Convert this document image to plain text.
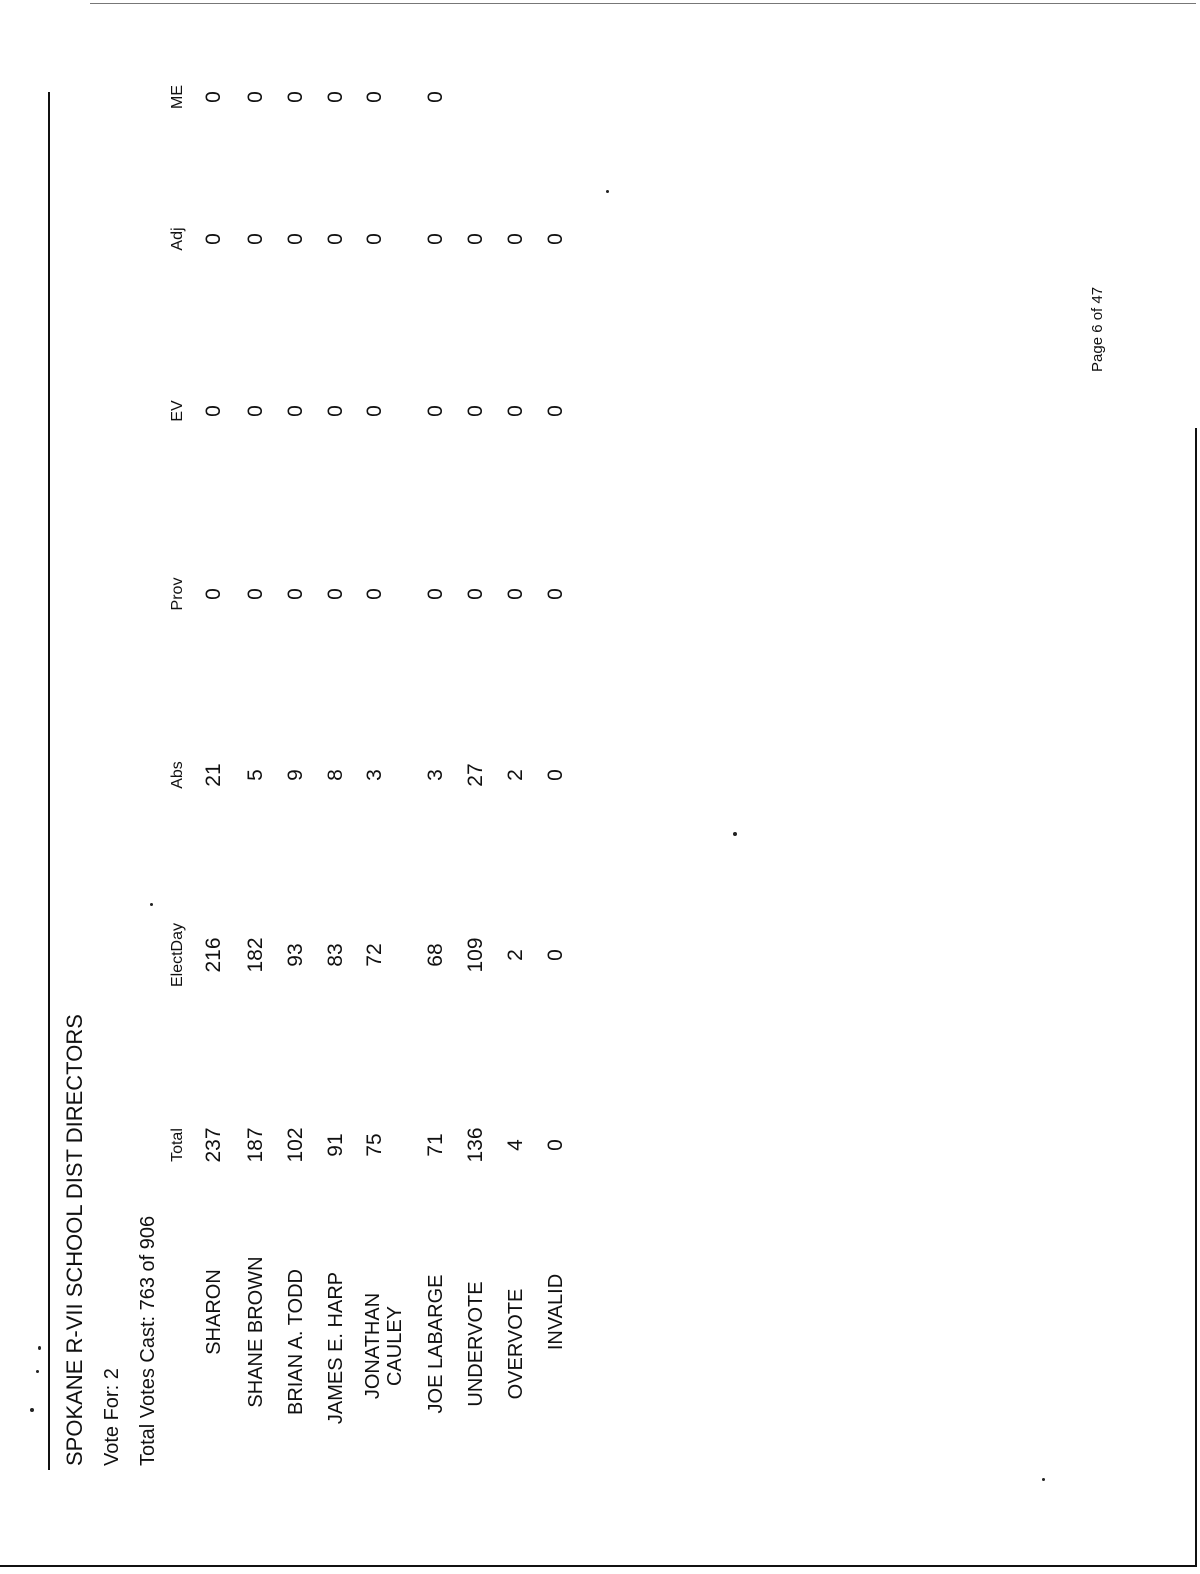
SPOKANE R-VII SCHOOL DIST DIRECTORS Vote For: 2 Total Votes Cast: 763 of 906
Total
ElectDay
Abs
Prov
EV
Adj
ME
SHARON
237
216
21
0
0
0
0
SHANE BROWN
187
182
5
0
0
0
0
BRIAN A. TODD
102
93
9
0
0
0
0
JAMES E. HARP
91
83
8
0
0
0
0
JONATHAN CAULEY
75
72
3
0
0
0
0
JOE LABARGE
71
68
3
0
0
0
0
UNDERVOTE
136
109
27
0
0
0
OVERVOTE
4
2
2
0
0
0
INVALID
0
0
0
0
0
0
Page 6 of 47
